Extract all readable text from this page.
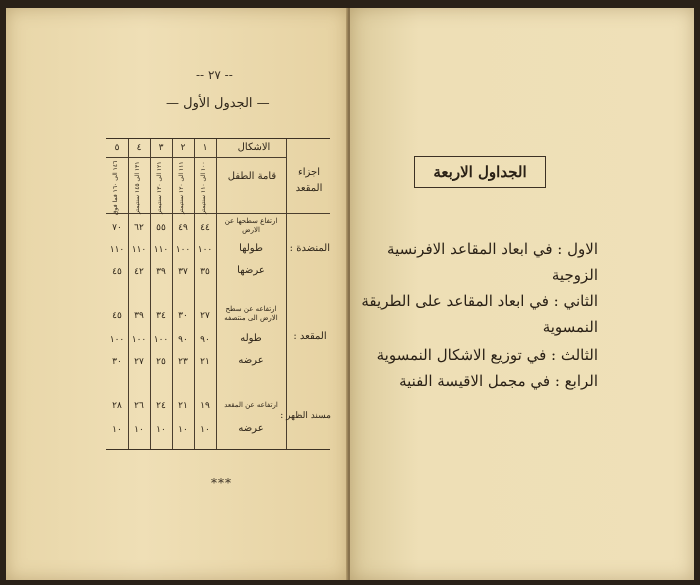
-- ٢٧ --
— الجدول الأول —
الاشكال
اجزاء المقعد
قامة الطفل
١
٢
٣
٤
٥
١٠٠ الى ١١٠ سنتيمتر
١١١ الى ١٢٠ سنتيمتر
١٢١ الى ١٣٠ سنتيمتر
١٣١ الى ١٤٥ سنتيمتر
١٤٦ الى ١٦٠ فما فوق
المنضدة :
ارتفاع سطحها عن الارض
٤٤
٤٩
٥٥
٦٢
٧٠
طولها
١٠٠
١٠٠
١١٠
١١٠
١١٠
عرضها
٣٥
٣٧
٣٩
٤٢
٤٥
المقعد :
ارتفاعه عن سطح الارض الى منتصفه
٢٧
٣٠
٣٤
٣٩
٤٥
طوله
٩٠
٩٠
١٠٠
١٠٠
١٠٠
عرضه
٢١
٢٣
٢٥
٢٧
٣٠
مسند الظهر :
ارتفاعه عن المقعد
١٩
٢١
٢٤
٢٦
٢٨
عرضه
١٠
١٠
١٠
١٠
١٠
***
الجداول الاربعة
الاول : في ابعاد المقاعد الافرنسية
الزوجية
الثاني : في ابعاد المقاعد على الطريقة
النمسوية
الثالث : في توزيع الاشكال النمسوية
الرابع : في مجمل الاقيسة الفنية
